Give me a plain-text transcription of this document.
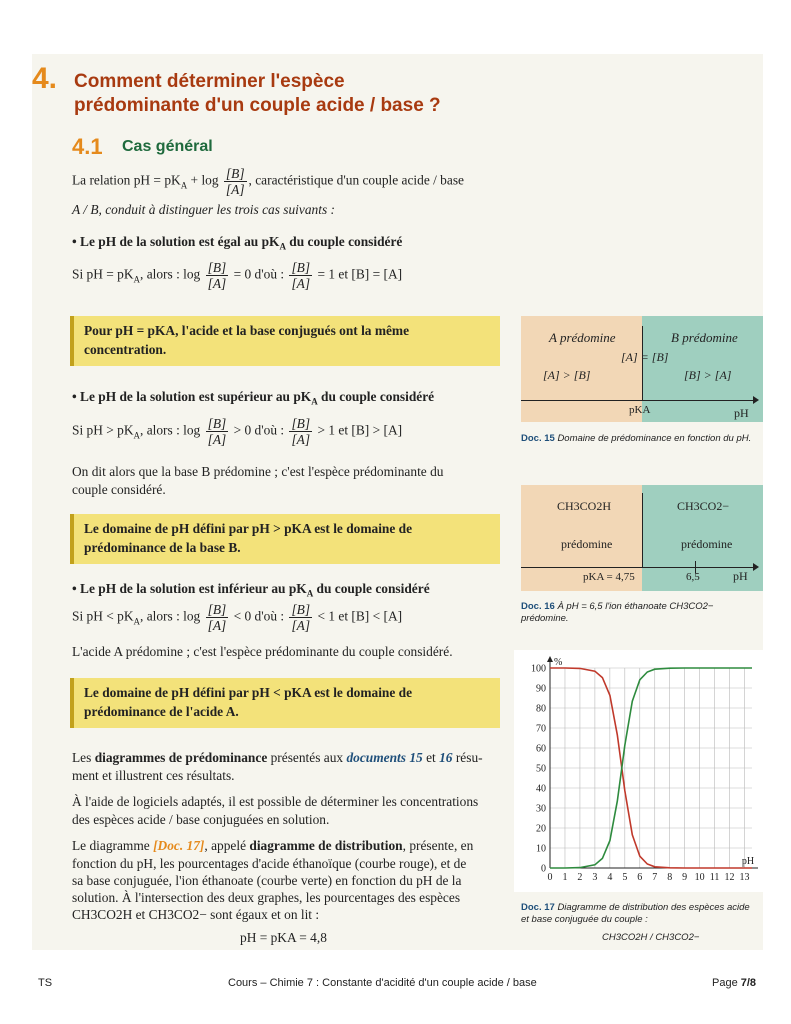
4. Comment déterminer l'espèce
prédominante d'un couple acide / base ?
4.1 Cas général
La relation pH = $pK_A + \log \frac{[B]}{[A]}$ , caractéristique d'un couple acide / base
A / B, conduit à distinguer les trois cas suivants :
• Le pH de la solution est égal au $pK_A$ du couple considéré
Si pH = $pK_A$, alors : $\log \frac{[B]}{[A]} = 0$ d'où : $\frac{[B]}{[A]} = 1$ et [B] = [A]
Pour pH = pKA, l'acide et la base conjugués ont la même
concentration.
• Le pH de la solution est supérieur au $pK_A$ du couple considéré
Si pH > $pK_A$, alors : $\log \frac{[B]}{[A]} > 0$ d'où : $\frac{[B]}{[A]} > 1$ et [B] > [A]
On dit alors que la base B prédomine ; c'est l'espèce prédominante du
couple considéré.
Le domaine de pH défini par pH > pKA est le domaine de
prédominance de la base B.
• Le pH de la solution est inférieur au $pK_A$ du couple considéré
Si pH < $pK_A$, alors : $\log \frac{[B]}{[A]} < 0$ d'où : $\frac{[B]}{[A]} < 1$ et [B] < [A]
L'acide A prédomine ; c'est l'espèce prédominante du couple considéré.
Le domaine de pH défini par pH < pKA est le domaine de
prédominance de l'acide A.
Les diagrammes de prédominance présentés aux documents 15 et 16 résu-
ment et illustrent ces résultats.
À l'aide de logiciels adaptés, il est possible de déterminer les concentrations
des espèces acide / base conjuguées en solution.
Le diagramme [Doc. 17], appelé diagramme de distribution, présente, en
fonction du pH, les pourcentages d'acide éthanoïque (courbe rouge), et de
sa base conjuguée, l'ion éthanoate (courbe verte) en fonction du pH de la
solution. À l'intersection des deux graphes, les pourcentages des espèces
CH3CO2H et CH3CO2− sont égaux et on lit :
pH = pKA = 4,8
A prédomine	B prédomine
[A] = [B]
[A] > [B]	[B] > [A]
pKA	pH
Doc. 15 Domaine de prédominance en fonction du pH.
CH3CO2H	CH3CO2−
prédomine	prédomine
pKA = 4,75	6,5	pH
Doc. 16 À pH = 6,5 l'ion éthanoate CH3CO2− prédomine.
0 1 2 3 4 5 6 7 8 9 10 11 12 13
0
10
20
30
40
50
60
70
80
90
100
pH
%
Doc. 17 Diagramme de distribution des espèces acide et base conjuguée du couple :
CH3CO2H / CH3CO2−
TS	Cours – Chimie 7 : Constante d'acidité d'un couple acide / base	Page 7/8
